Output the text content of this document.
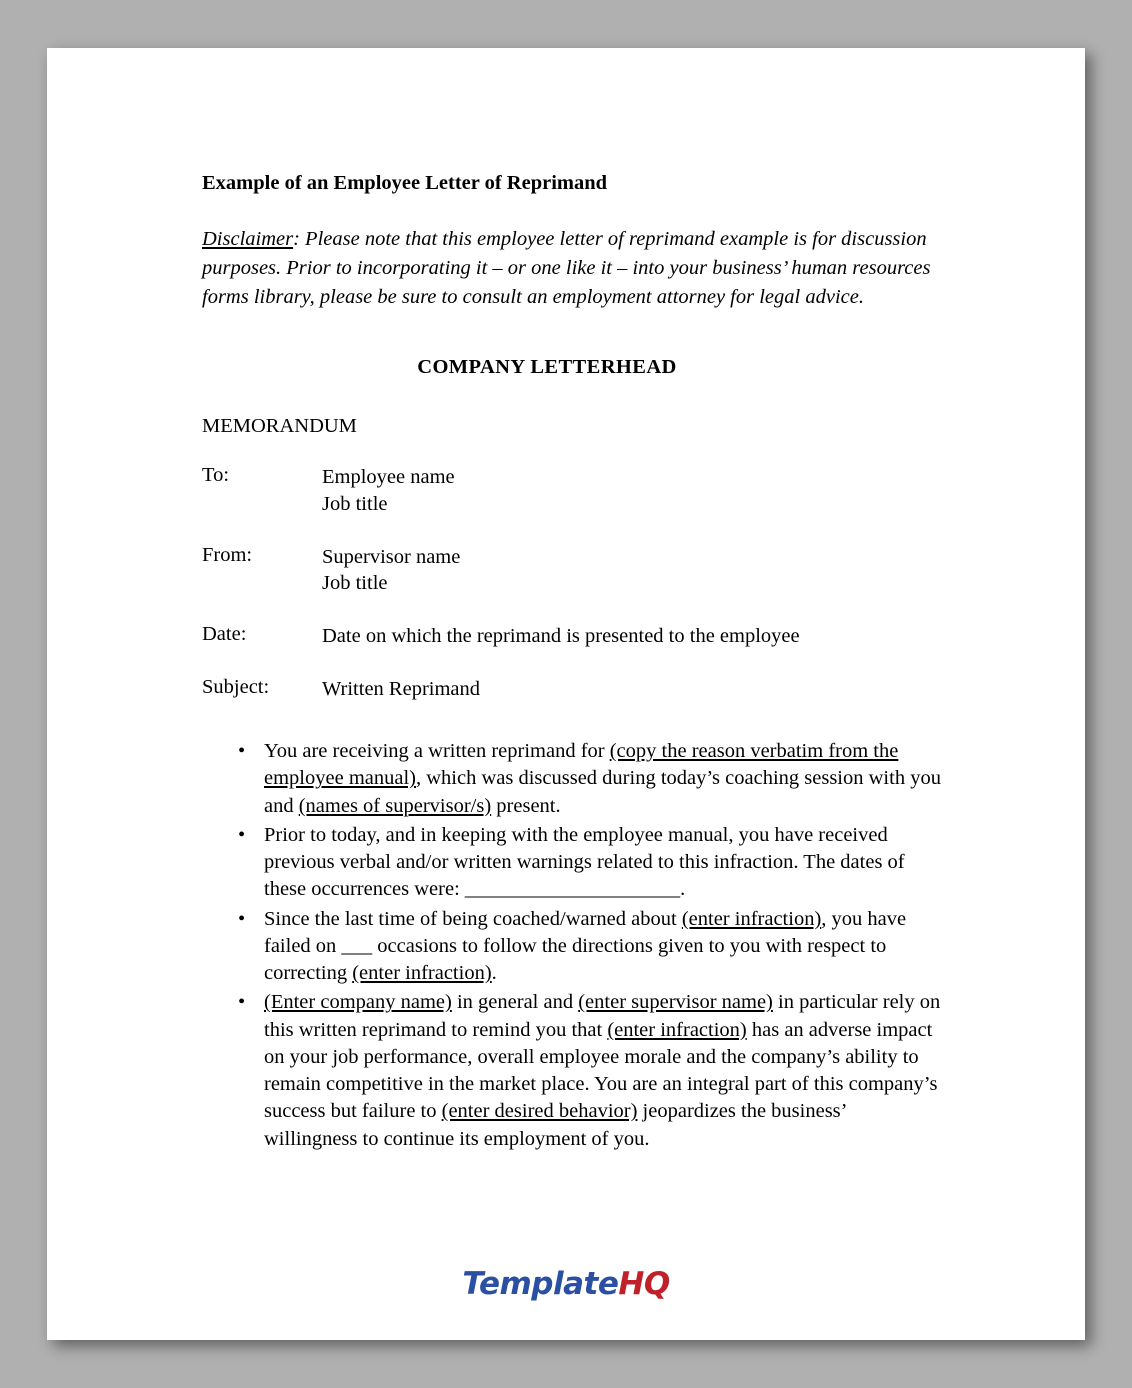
Example of an Employee Letter of Reprimand

Disclaimer: Please note that this employee letter of reprimand example is for discussion purposes. Prior to incorporating it – or one like it – into your business’ human resources forms library, please be sure to consult an employment attorney for legal advice.

COMPANY LETTERHEAD
MEMORANDUM
To:	Employee name
Job title
From:	Supervisor name
Job title
Date:	Date on which the reprimand is presented to the employee
Subject:	Written Reprimand
• You are receiving a written reprimand for (copy the reason verbatim from the employee manual), which was discussed during today’s coaching session with you and (names of supervisor/s) present.
• Prior to today, and in keeping with the employee manual, you have received previous verbal and/or written warnings related to this infraction. The dates of these occurrences were: _____________________.
• Since the last time of being coached/warned about (enter infraction), you have failed on ___ occasions to follow the directions given to you with respect to correcting (enter infraction).
• (Enter company name) in general and (enter supervisor name) in particular rely on this written reprimand to remind you that (enter infraction) has an adverse impact on your job performance, overall employee morale and the company’s ability to remain competitive in the market place. You are an integral part of this company’s success but failure to (enter desired behavior) jeopardizes the business’ willingness to continue its employment of you.
TemplateHQ
